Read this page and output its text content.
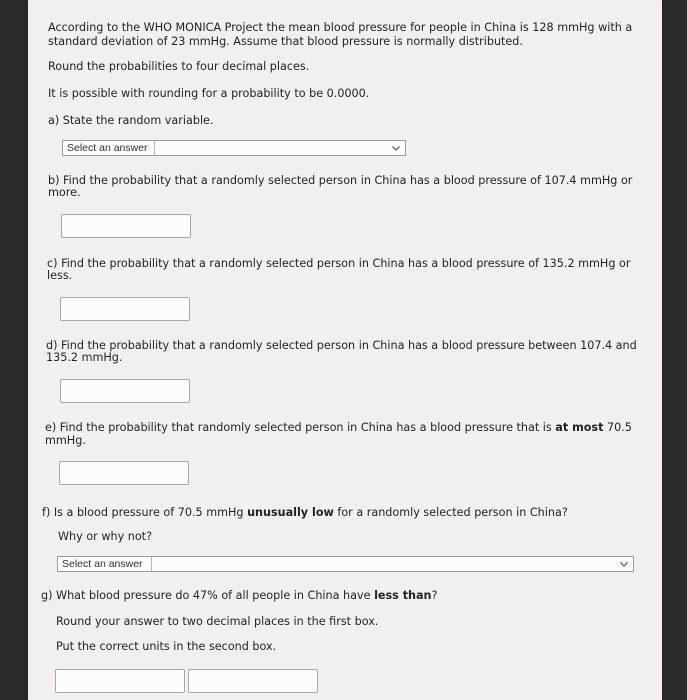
According to the WHO MONICA Project the mean blood pressure for people in China is 128 mmHg with a
standard deviation of 23 mmHg. Assume that blood pressure is normally distributed.
Round the probabilities to four decimal places.
It is possible with rounding for a probability to be 0.0000.
a) State the random variable.
Select an answer
b) Find the probability that a randomly selected person in China has a blood pressure of 107.4 mmHg or
more.
c) Find the probability that a randomly selected person in China has a blood pressure of 135.2 mmHg or
less.
d) Find the probability that a randomly selected person in China has a blood pressure between 107.4 and
135.2 mmHg.
e) Find the probability that randomly selected person in China has a blood pressure that is at most 70.5
mmHg.
f) Is a blood pressure of 70.5 mmHg unusually low for a randomly selected person in China?
Why or why not?
Select an answer
g) What blood pressure do 47% of all people in China have less than?
Round your answer to two decimal places in the first box.
Put the correct units in the second box.
